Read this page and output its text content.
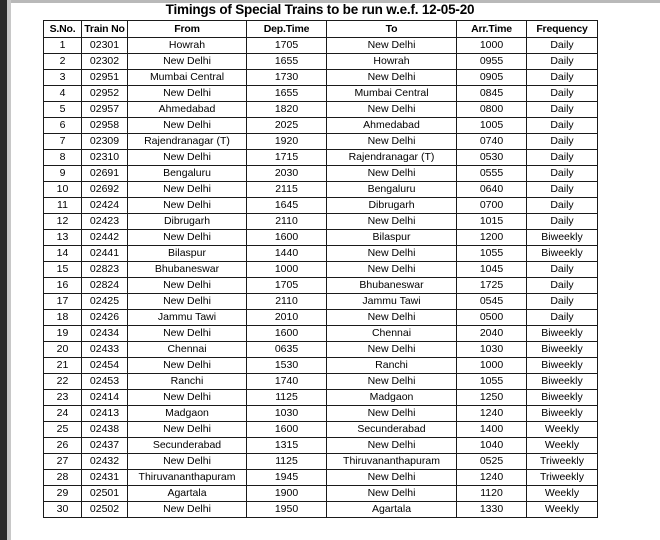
Timings of Special Trains to be run w.e.f. 12-05-20
S.No.	Train No	From	Dep.Time	To	Arr.Time	Frequency
1	02301	Howrah	1705	New Delhi	1000	Daily
2	02302	New Delhi	1655	Howrah	0955	Daily
3	02951	Mumbai Central	1730	New Delhi	0905	Daily
4	02952	New Delhi	1655	Mumbai Central	0845	Daily
5	02957	Ahmedabad	1820	New Delhi	0800	Daily
6	02958	New Delhi	2025	Ahmedabad	1005	Daily
7	02309	Rajendranagar (T)	1920	New Delhi	0740	Daily
8	02310	New Delhi	1715	Rajendranagar (T)	0530	Daily
9	02691	Bengaluru	2030	New Delhi	0555	Daily
10	02692	New Delhi	2115	Bengaluru	0640	Daily
11	02424	New Delhi	1645	Dibrugarh	0700	Daily
12	02423	Dibrugarh	2110	New Delhi	1015	Daily
13	02442	New Delhi	1600	Bilaspur	1200	Biweekly
14	02441	Bilaspur	1440	New Delhi	1055	Biweekly
15	02823	Bhubaneswar	1000	New Delhi	1045	Daily
16	02824	New Delhi	1705	Bhubaneswar	1725	Daily
17	02425	New Delhi	2110	Jammu Tawi	0545	Daily
18	02426	Jammu Tawi	2010	New Delhi	0500	Daily
19	02434	New Delhi	1600	Chennai	2040	Biweekly
20	02433	Chennai	0635	New Delhi	1030	Biweekly
21	02454	New Delhi	1530	Ranchi	1000	Biweekly
22	02453	Ranchi	1740	New Delhi	1055	Biweekly
23	02414	New Delhi	1125	Madgaon	1250	Biweekly
24	02413	Madgaon	1030	New Delhi	1240	Biweekly
25	02438	New Delhi	1600	Secunderabad	1400	Weekly
26	02437	Secunderabad	1315	New Delhi	1040	Weekly
27	02432	New Delhi	1125	Thiruvananthapuram	0525	Triweekly
28	02431	Thiruvananthapuram	1945	New Delhi	1240	Triweekly
29	02501	Agartala	1900	New Delhi	1120	Weekly
30	02502	New Delhi	1950	Agartala	1330	Weekly
